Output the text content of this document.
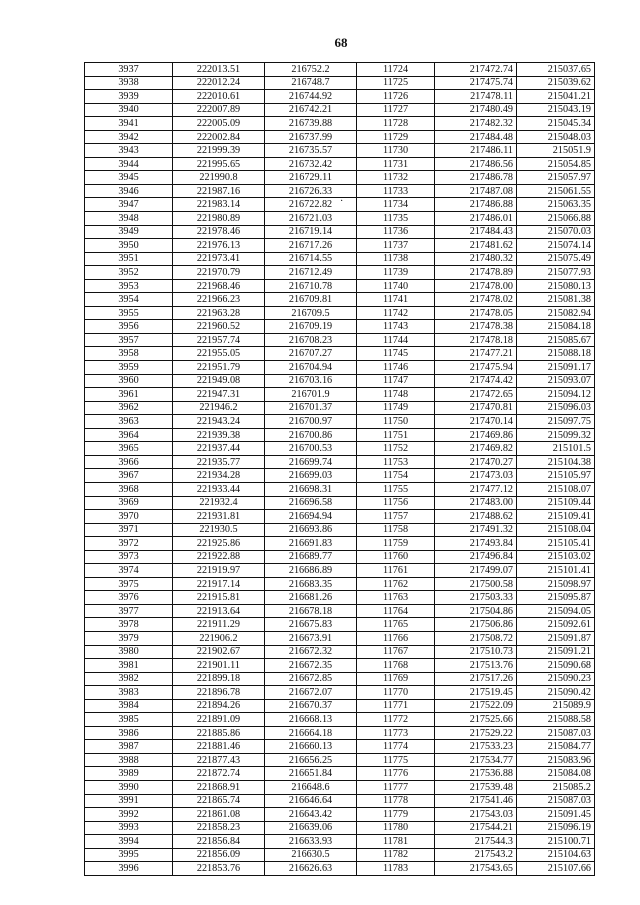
68
·
3937	222013.51	216752.2	11724	217472.74	215037.65
3938	222012.24	216748.7	11725	217475.74	215039.62
3939	222010.61	216744.92	11726	217478.11	215041.21
3940	222007.89	216742.21	11727	217480.49	215043.19
3941	222005.09	216739.88	11728	217482.32	215045.34
3942	222002.84	216737.99	11729	217484.48	215048.03
3943	221999.39	216735.57	11730	217486.11	215051.9
3944	221995.65	216732.42	11731	217486.56	215054.85
3945	221990.8	216729.11	11732	217486.78	215057.97
3946	221987.16	216726.33	11733	217487.08	215061.55
3947	221983.14	216722.82	11734	217486.88	215063.35
3948	221980.89	216721.03	11735	217486.01	215066.88
3949	221978.46	216719.14	11736	217484.43	215070.03
3950	221976.13	216717.26	11737	217481.62	215074.14
3951	221973.41	216714.55	11738	217480.32	215075.49
3952	221970.79	216712.49	11739	217478.89	215077.93
3953	221968.46	216710.78	11740	217478.00	215080.13
3954	221966.23	216709.81	11741	217478.02	215081.38
3955	221963.28	216709.5	11742	217478.05	215082.94
3956	221960.52	216709.19	11743	217478.38	215084.18
3957	221957.74	216708.23	11744	217478.18	215085.67
3958	221955.05	216707.27	11745	217477.21	215088.18
3959	221951.79	216704.94	11746	217475.94	215091.17
3960	221949.08	216703.16	11747	217474.42	215093.07
3961	221947.31	216701.9	11748	217472.65	215094.12
3962	221946.2	216701.37	11749	217470.81	215096.03
3963	221943.24	216700.97	11750	217470.14	215097.75
3964	221939.38	216700.86	11751	217469.86	215099.32
3965	221937.44	216700.53	11752	217469.82	215101.5
3966	221935.77	216699.74	11753	217470.27	215104.38
3967	221934.28	216699.03	11754	217473.03	215105.97
3968	221933.44	216698.31	11755	217477.12	215108.07
3969	221932.4	216696.58	11756	217483.00	215109.44
3970	221931.81	216694.94	11757	217488.62	215109.41
3971	221930.5	216693.86	11758	217491.32	215108.04
3972	221925.86	216691.83	11759	217493.84	215105.41
3973	221922.88	216689.77	11760	217496.84	215103.02
3974	221919.97	216686.89	11761	217499.07	215101.41
3975	221917.14	216683.35	11762	217500.58	215098.97
3976	221915.81	216681.26	11763	217503.33	215095.87
3977	221913.64	216678.18	11764	217504.86	215094.05
3978	221911.29	216675.83	11765	217506.86	215092.61
3979	221906.2	216673.91	11766	217508.72	215091.87
3980	221902.67	216672.32	11767	217510.73	215091.21
3981	221901.11	216672.35	11768	217513.76	215090.68
3982	221899.18	216672.85	11769	217517.26	215090.23
3983	221896.78	216672.07	11770	217519.45	215090.42
3984	221894.26	216670.37	11771	217522.09	215089.9
3985	221891.09	216668.13	11772	217525.66	215088.58
3986	221885.86	216664.18	11773	217529.22	215087.03
3987	221881.46	216660.13	11774	217533.23	215084.77
3988	221877.43	216656.25	11775	217534.77	215083.96
3989	221872.74	216651.84	11776	217536.88	215084.08
3990	221868.91	216648.6	11777	217539.48	215085.2
3991	221865.74	216646.64	11778	217541.46	215087.03
3992	221861.08	216643.42	11779	217543.03	215091.45
3993	221858.23	216639.06	11780	217544.21	215096.19
3994	221856.84	216633.93	11781	217544.3	215100.71
3995	221856.09	216630.5	11782	217543.2	215104.63
3996	221853.76	216626.63	11783	217543.65	215107.66
